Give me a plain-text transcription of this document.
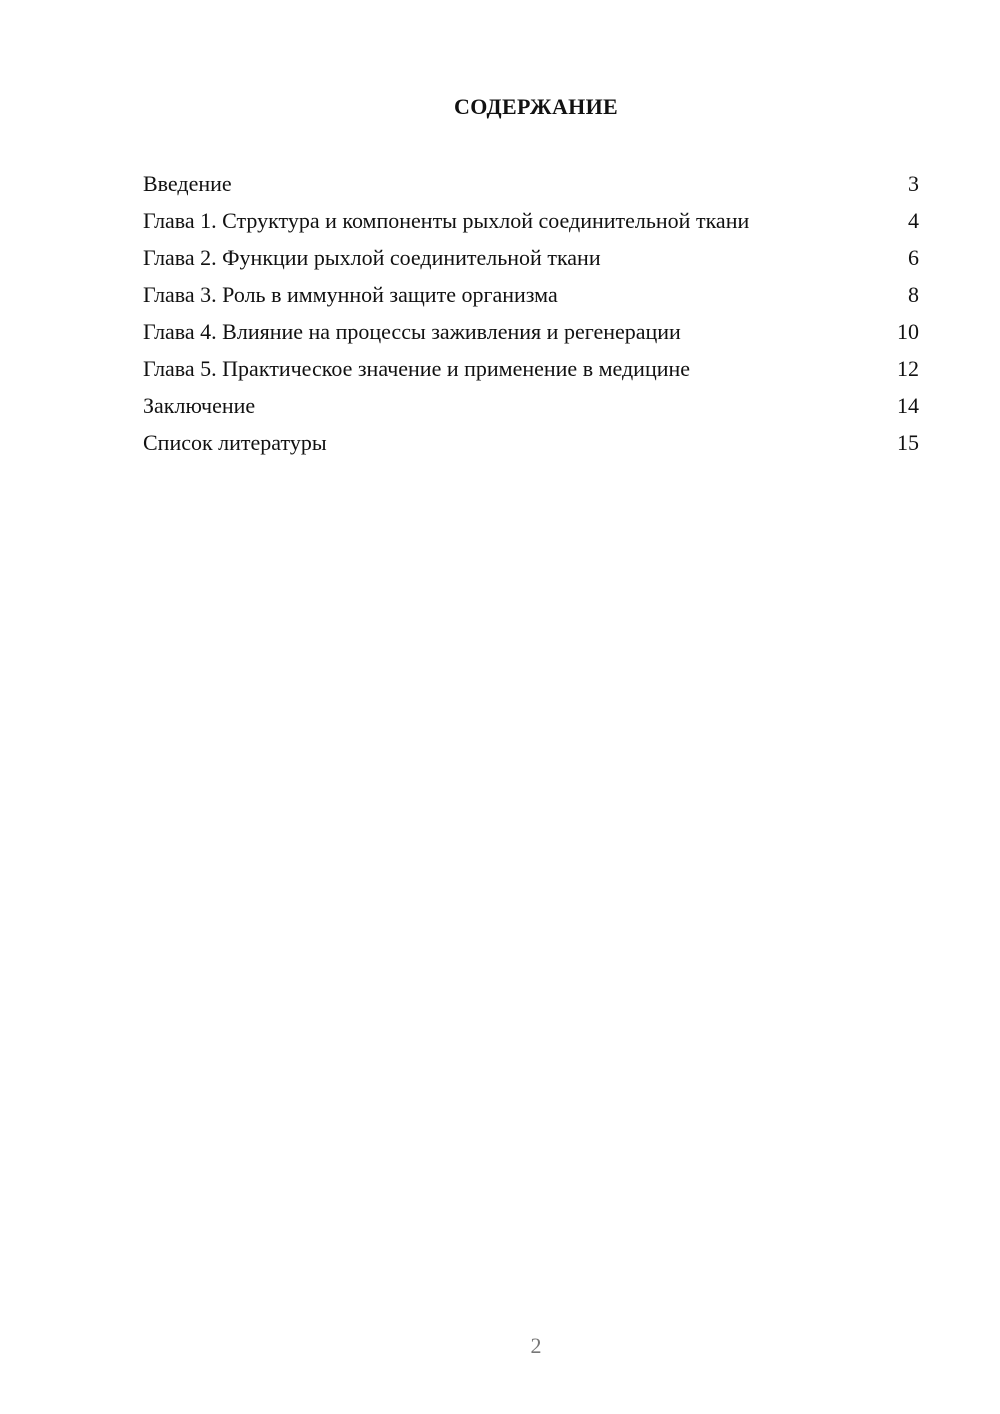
СОДЕРЖАНИЕ
Введение	3
Глава 1. Структура и компоненты рыхлой соединительной ткани	4
Глава 2. Функции рыхлой соединительной ткани	6
Глава 3. Роль в иммунной защите организма	8
Глава 4. Влияние на процессы заживления и регенерации	10
Глава 5. Практическое значение и применение в медицине	12
Заключение	14
Список литературы	15
2
